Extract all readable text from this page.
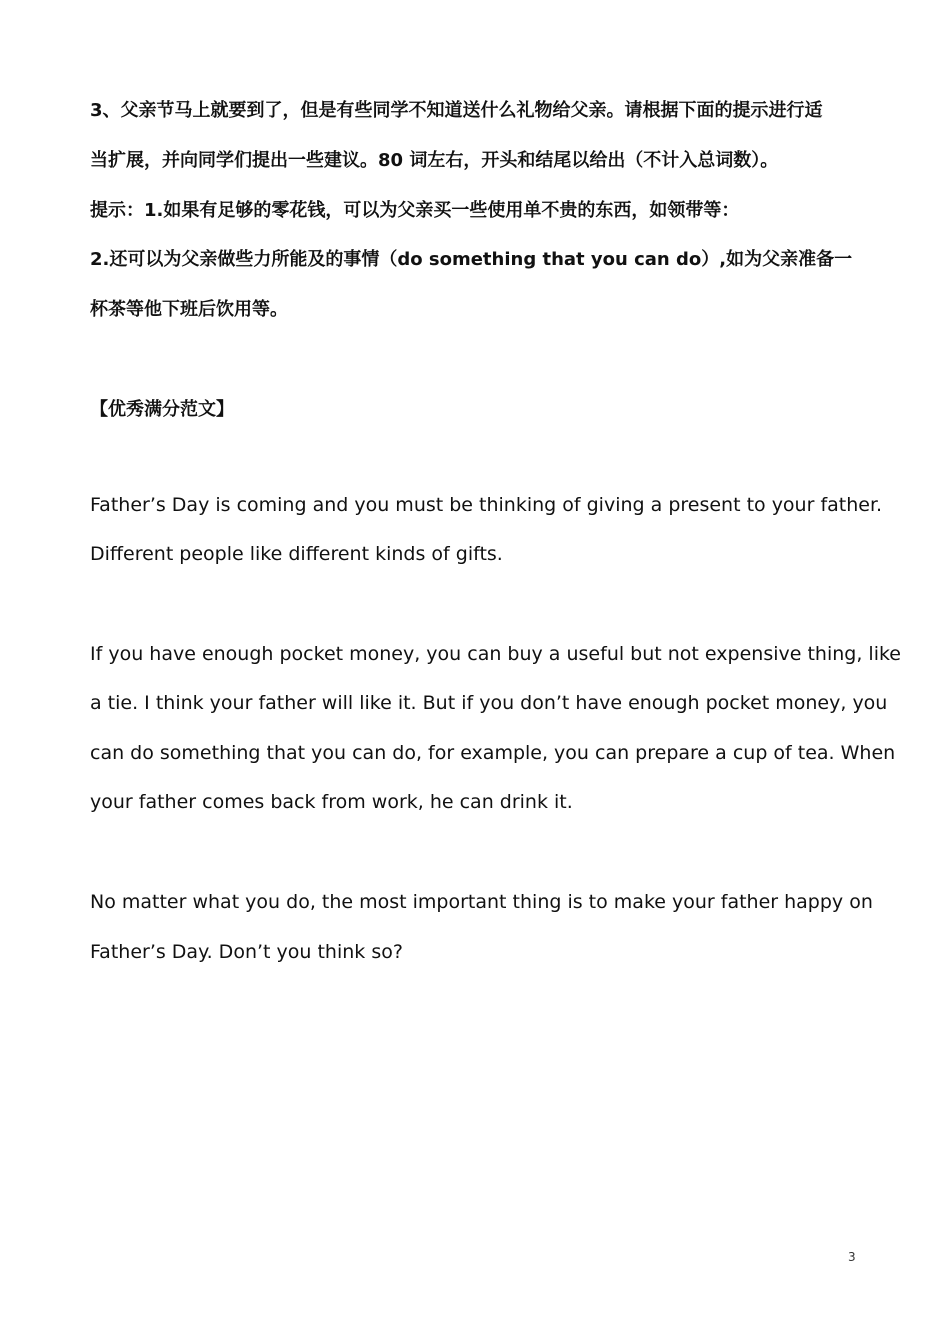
3、父亲节马上就要到了，但是有些同学不知道送什么礼物给父亲。请根据下面的提示进行适
当扩展，并向同学们提出一些建议。80 词左右，开头和结尾以给出（不计入总词数）。
提示：1.如果有足够的零花钱，可以为父亲买一些使用单不贵的东西，如领带等：
2.还可以为父亲做些力所能及的事情（do something that you can do）,如为父亲准备一
杯茶等他下班后饮用等。
【优秀满分范文】
Father’s Day is coming and you must be thinking of giving a present to your father.
Different people like different kinds of gifts.
If you have enough pocket money, you can buy a useful but not expensive thing, like
a tie. I think your father will like it. But if you don’t have enough pocket money, you
can do something that you can do, for example, you can prepare a cup of tea. When
your father comes back from work, he can drink it.
No matter what you do, the most important thing is to make your father happy on
Father’s Day. Don’t you think so?
3
